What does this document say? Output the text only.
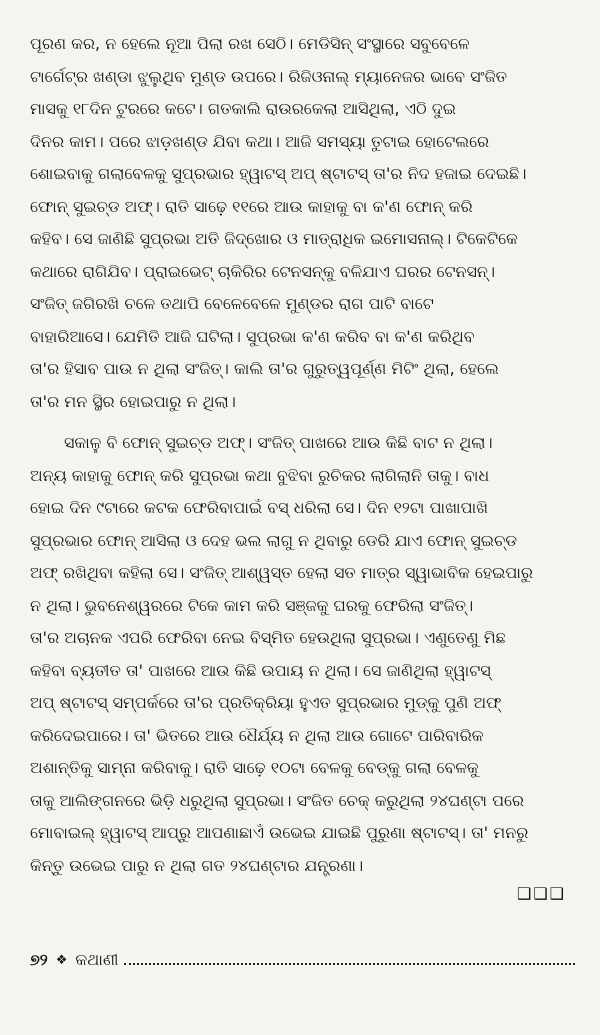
ପୂରଣ କର, ନ ହେଲେ ନୂଆ ପିଲା ରଖ ସେଠି। ମେଡିସିନ୍ ସଂସ୍ଥାରେ ସବୁବେଳେ
ଟାର୍ଗେଟ୍ର ଖଣ୍ଡା ଝୁଲୁଥିବ ମୁଣ୍ଡ ଉପରେ। ରିଜିଓନାଲ୍ ମ୍ୟାନେଜର ଭାବେ ସଂଜିତ
ମାସକୁ ୧୮ଦିନ ଟୁରରେ କଟେ। ଗତକାଲି ରାଉରକେଲା ଆସିଥିଲା, ଏଠି ଦୁଇ
ଦିନର କାମ। ପରେ ଝାଡ଼ଖଣ୍ଡ ଯିବା କଥା। ଆଜି ସମସ୍ୟା ତୁଟାଇ ହୋଟେଲରେ
ଶୋଇବାକୁ ଗଲାବେଳକୁ ସୁପ୍ରଭାର ହ୍ୱାଟସ୍ ଅପ୍ ଷ୍ଟାଟସ୍ ତା'ର ନିଦ ହଜାଇ ଦେଇଛି।
ଫୋନ୍ ସୁଇଚ୍ଡ ଅଫ୍। ରାତି ସାଢ଼େ ୧୧ରେ ଆଉ କାହାକୁ ବା କ'ଣ ଫୋନ୍ କରି
କହିବ। ସେ ଜାଣିଛି ସୁପ୍ରଭା ଅତି ଜିଦ୍‌ଖୋର ଓ ମାତ୍ରାଧିକ ଇମୋସନାଲ୍। ଟିକେଟିକେ
କଥାରେ ରାଗିଯିବ। ପ୍ରାଇଭେଟ୍ ଚାକିରିର ଟେନସନ୍‌କୁ ବଳିଯାଏ ଘରର ଟେନସନ୍।
ସଂଜିତ୍ ଜଗିରଖି ଚଳେ ତଥାପି ବେଳେବେଳେ ମୁଣ୍ଡର ରାଗ ପାଟି ବାଟେ
ବାହାରିଆସେ। ଯେମିତି ଆଜି ଘଟିଲା। ସୁପ୍ରଭା କ'ଣ କରିବ ବା କ'ଣ କରିଥିବ
ତା'ର ହିସାବ ପାଉ ନ ଥିଲା ସଂଜିତ୍। କାଲି ତା'ର ଗୁରୁତ୍ୱପୂର୍ଣ୍ଣ ମିଟିଂ ଥିଲା, ହେଲେ
ତା'ର ମନ ସ୍ଥିର ହୋଇପାରୁ ନ ଥିଲା।
ସକାଳୁ ବି ଫୋନ୍ ସୁଇଚ୍ଡ ଅଫ୍। ସଂଜିତ୍ ପାଖରେ ଆଉ କିଛି ବାଟ ନ ଥିଲା।
ଅନ୍ୟ କାହାକୁ ଫୋନ୍ କରି ସୁପ୍ରଭା କଥା ବୁଝିବା ରୁଚିକର ଲାଗିଲାନି ତାକୁ। ବାଧ
ହୋଇ ଦିନ ୯ଟାରେ କଟକ ଫେରିବାପାଇଁ ବସ୍ ଧରିଲା ସେ। ଦିନ ୧୨ଟା ପାଖାପାଖି
ସୁପ୍ରଭାର ଫୋନ୍ ଆସିଲା ଓ ଦେହ ଭଲ ଲାଗୁ ନ ଥିବାରୁ ଡେରି ଯାଏ ଫୋନ୍ ସୁଇଚ୍ଡ
ଅଫ୍ ରଖିଥିବା କହିଲା ସେ। ସଂଜିତ୍ ଆଶ୍ୱସ୍ତ ହେଲା ସତ ମାତ୍ର ସ୍ୱାଭାବିକ ହେଇପାରୁ
ନ ଥିଲା। ଭୁବନେଶ୍ୱରରେ ଟିକେ କାମ କରି ସଞ୍ଜକୁ ଘରକୁ ଫେରିଲା ସଂଜିତ୍।
ତା'ର ଅଚାନକ ଏପରି ଫେରିବା ନେଇ ବିସ୍ମିତ ହେଉଥିଲା ସୁପ୍ରଭା। ଏଣୁତେଣୁ ମିଛ
କହିବା ବ୍ୟତୀତ ତା' ପାଖରେ ଆଉ କିଛି ଉପାୟ ନ ଥିଲା। ସେ ଜାଣିଥିଲା ହ୍ୱାଟସ୍
ଅପ୍ ଷ୍ଟାଟସ୍ ସମ୍ପର୍କରେ ତା'ର ପ୍ରତିକ୍ରିୟା ହୁଏତ ସୁପ୍ରଭାର ମୁଡ୍‌କୁ ପୁଣି ଅଫ୍
କରିଦେଇପାରେ। ତା' ଭିତରେ ଆଉ ଧୈର୍ଯ୍ୟ ନ ଥିଲା ଆଉ ଗୋଟେ ପାରିବାରିକ
ଅଶାନ୍ତିକୁ ସାମ୍ନା କରିବାକୁ। ରାତି ସାଢ଼େ ୧୦ଟା ବେଳକୁ ବେଡ୍‌କୁ ଗଲା ବେଳକୁ
ତାକୁ ଆଲିଙ୍ଗନରେ ଭିଡ଼ି ଧରୁଥିଲା ସୁପ୍ରଭା। ସଂଜିତ ଚେକ୍ କରୁଥିଲା ୨୪ଘଣ୍ଟା ପରେ
ମୋବାଇଲ୍ ହ୍ୱାଟସ୍ ଆପ୍‌ରୁ ଆପଣାଛାଏଁ ଉଭେଇ ଯାଇଛି ପୁରୁଣା ଷ୍ଟାଟସ୍। ତା' ମନରୁ
କିନ୍ତୁ ଉଭେଇ ପାରୁ ନ ଥିଲା ଗତ ୨୪ଘଣ୍ଟାର ଯନ୍ତ୍ରଣା।
❑❑❑
୭୨ ❖ କଥାଣୀ
